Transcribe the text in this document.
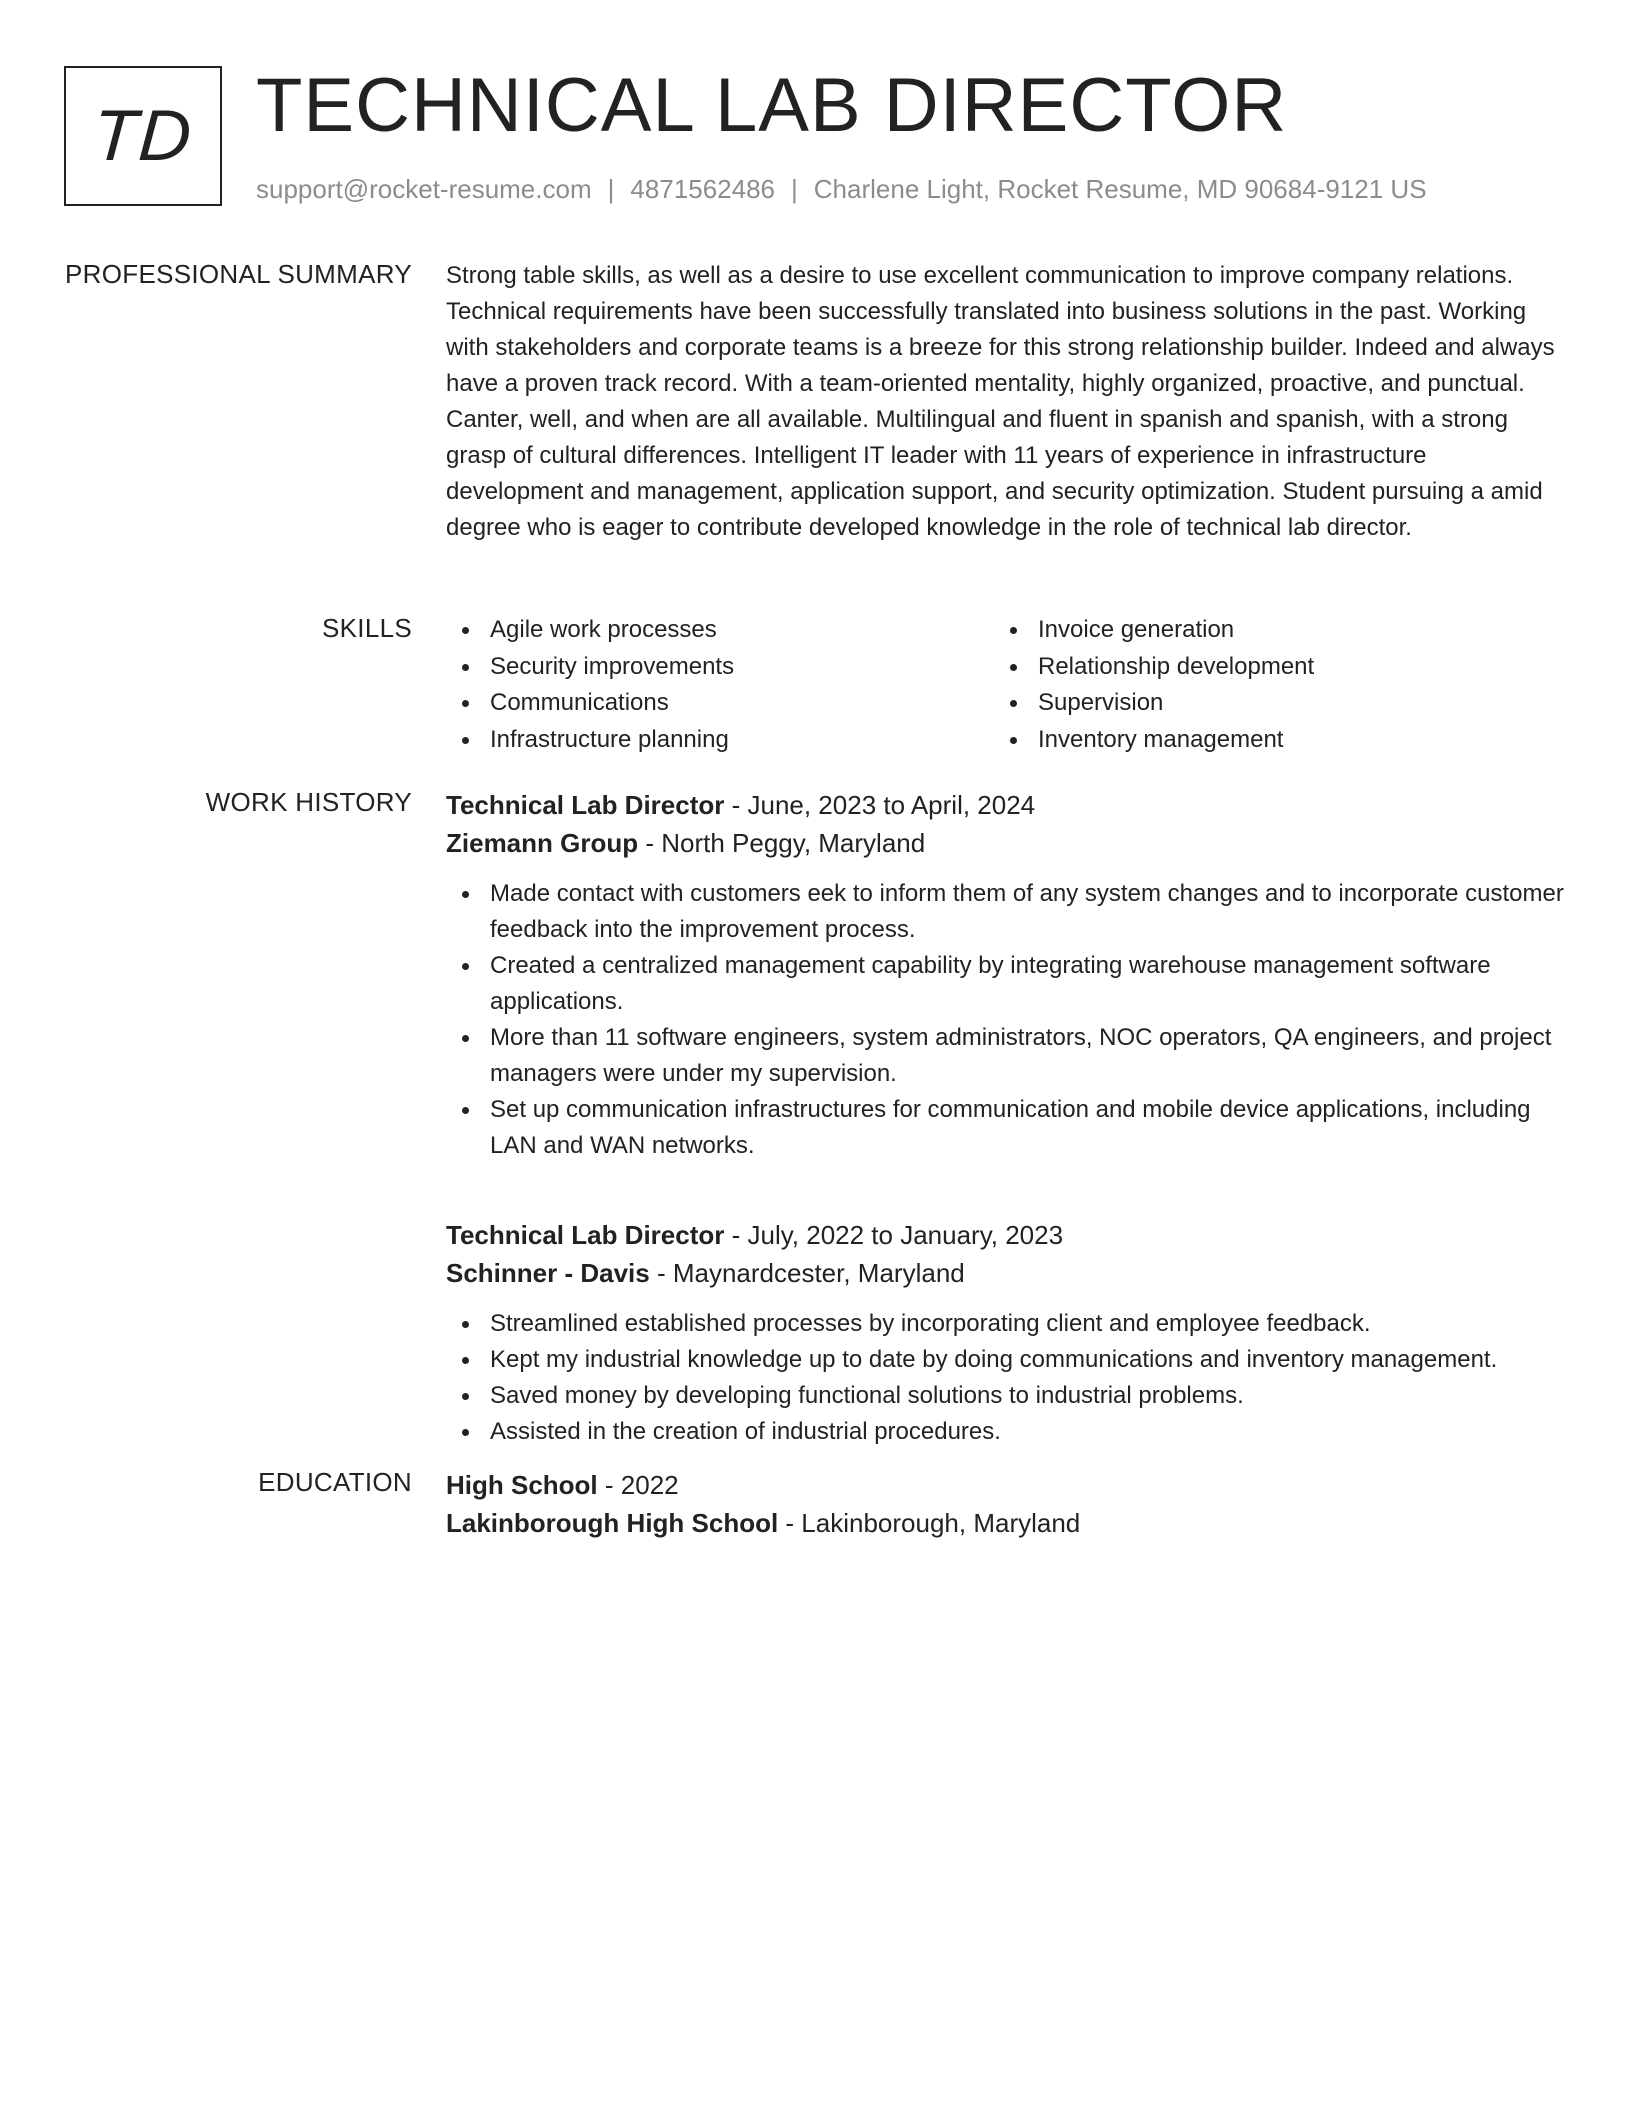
TD TECHNICAL LAB DIRECTOR
support@rocket-resume.com | 4871562486 | Charlene Light, Rocket Resume, MD 90684-9121 US
PROFESSIONAL SUMMARY Strong table skills, as well as a desire to use excellent communication to improve company relations. Technical requirements have been successfully translated into business solutions in the past. Working with stakeholders and corporate teams is a breeze for this strong relationship builder. Indeed and always have a proven track record. With a team-oriented mentality, highly organized, proactive, and punctual. Canter, well, and when are all available. Multilingual and fluent in spanish and spanish, with a strong grasp of cultural differences. Intelligent IT leader with 11 years of experience in infrastructure development and management, application support, and security optimization. Student pursuing a amid degree who is eager to contribute developed knowledge in the role of technical lab director.

SKILLS	Agile work processes
Security improvements
Communications
Infrastructure planning
Invoice generation
Relationship development
Supervision
Inventory management
WORK HISTORY Technical Lab Director - June, 2023 to April, 2024
Ziemann Group - North Peggy, Maryland
Made contact with customers eek to inform them of any system changes and to incorporate customer feedback into the improvement process.
Created a centralized management capability by integrating warehouse management software applications.
More than 11 software engineers, system administrators, NOC operators, QA engineers, and project managers were under my supervision.
Set up communication infrastructures for communication and mobile device applications, including LAN and WAN networks.
Technical Lab Director - July, 2022 to January, 2023
Schinner - Davis - Maynardcester, Maryland
Streamlined established processes by incorporating client and employee feedback.
Kept my industrial knowledge up to date by doing communications and inventory management.
Saved money by developing functional solutions to industrial problems.
Assisted in the creation of industrial procedures.
EDUCATION High School - 2022
Lakinborough High School - Lakinborough, Maryland
